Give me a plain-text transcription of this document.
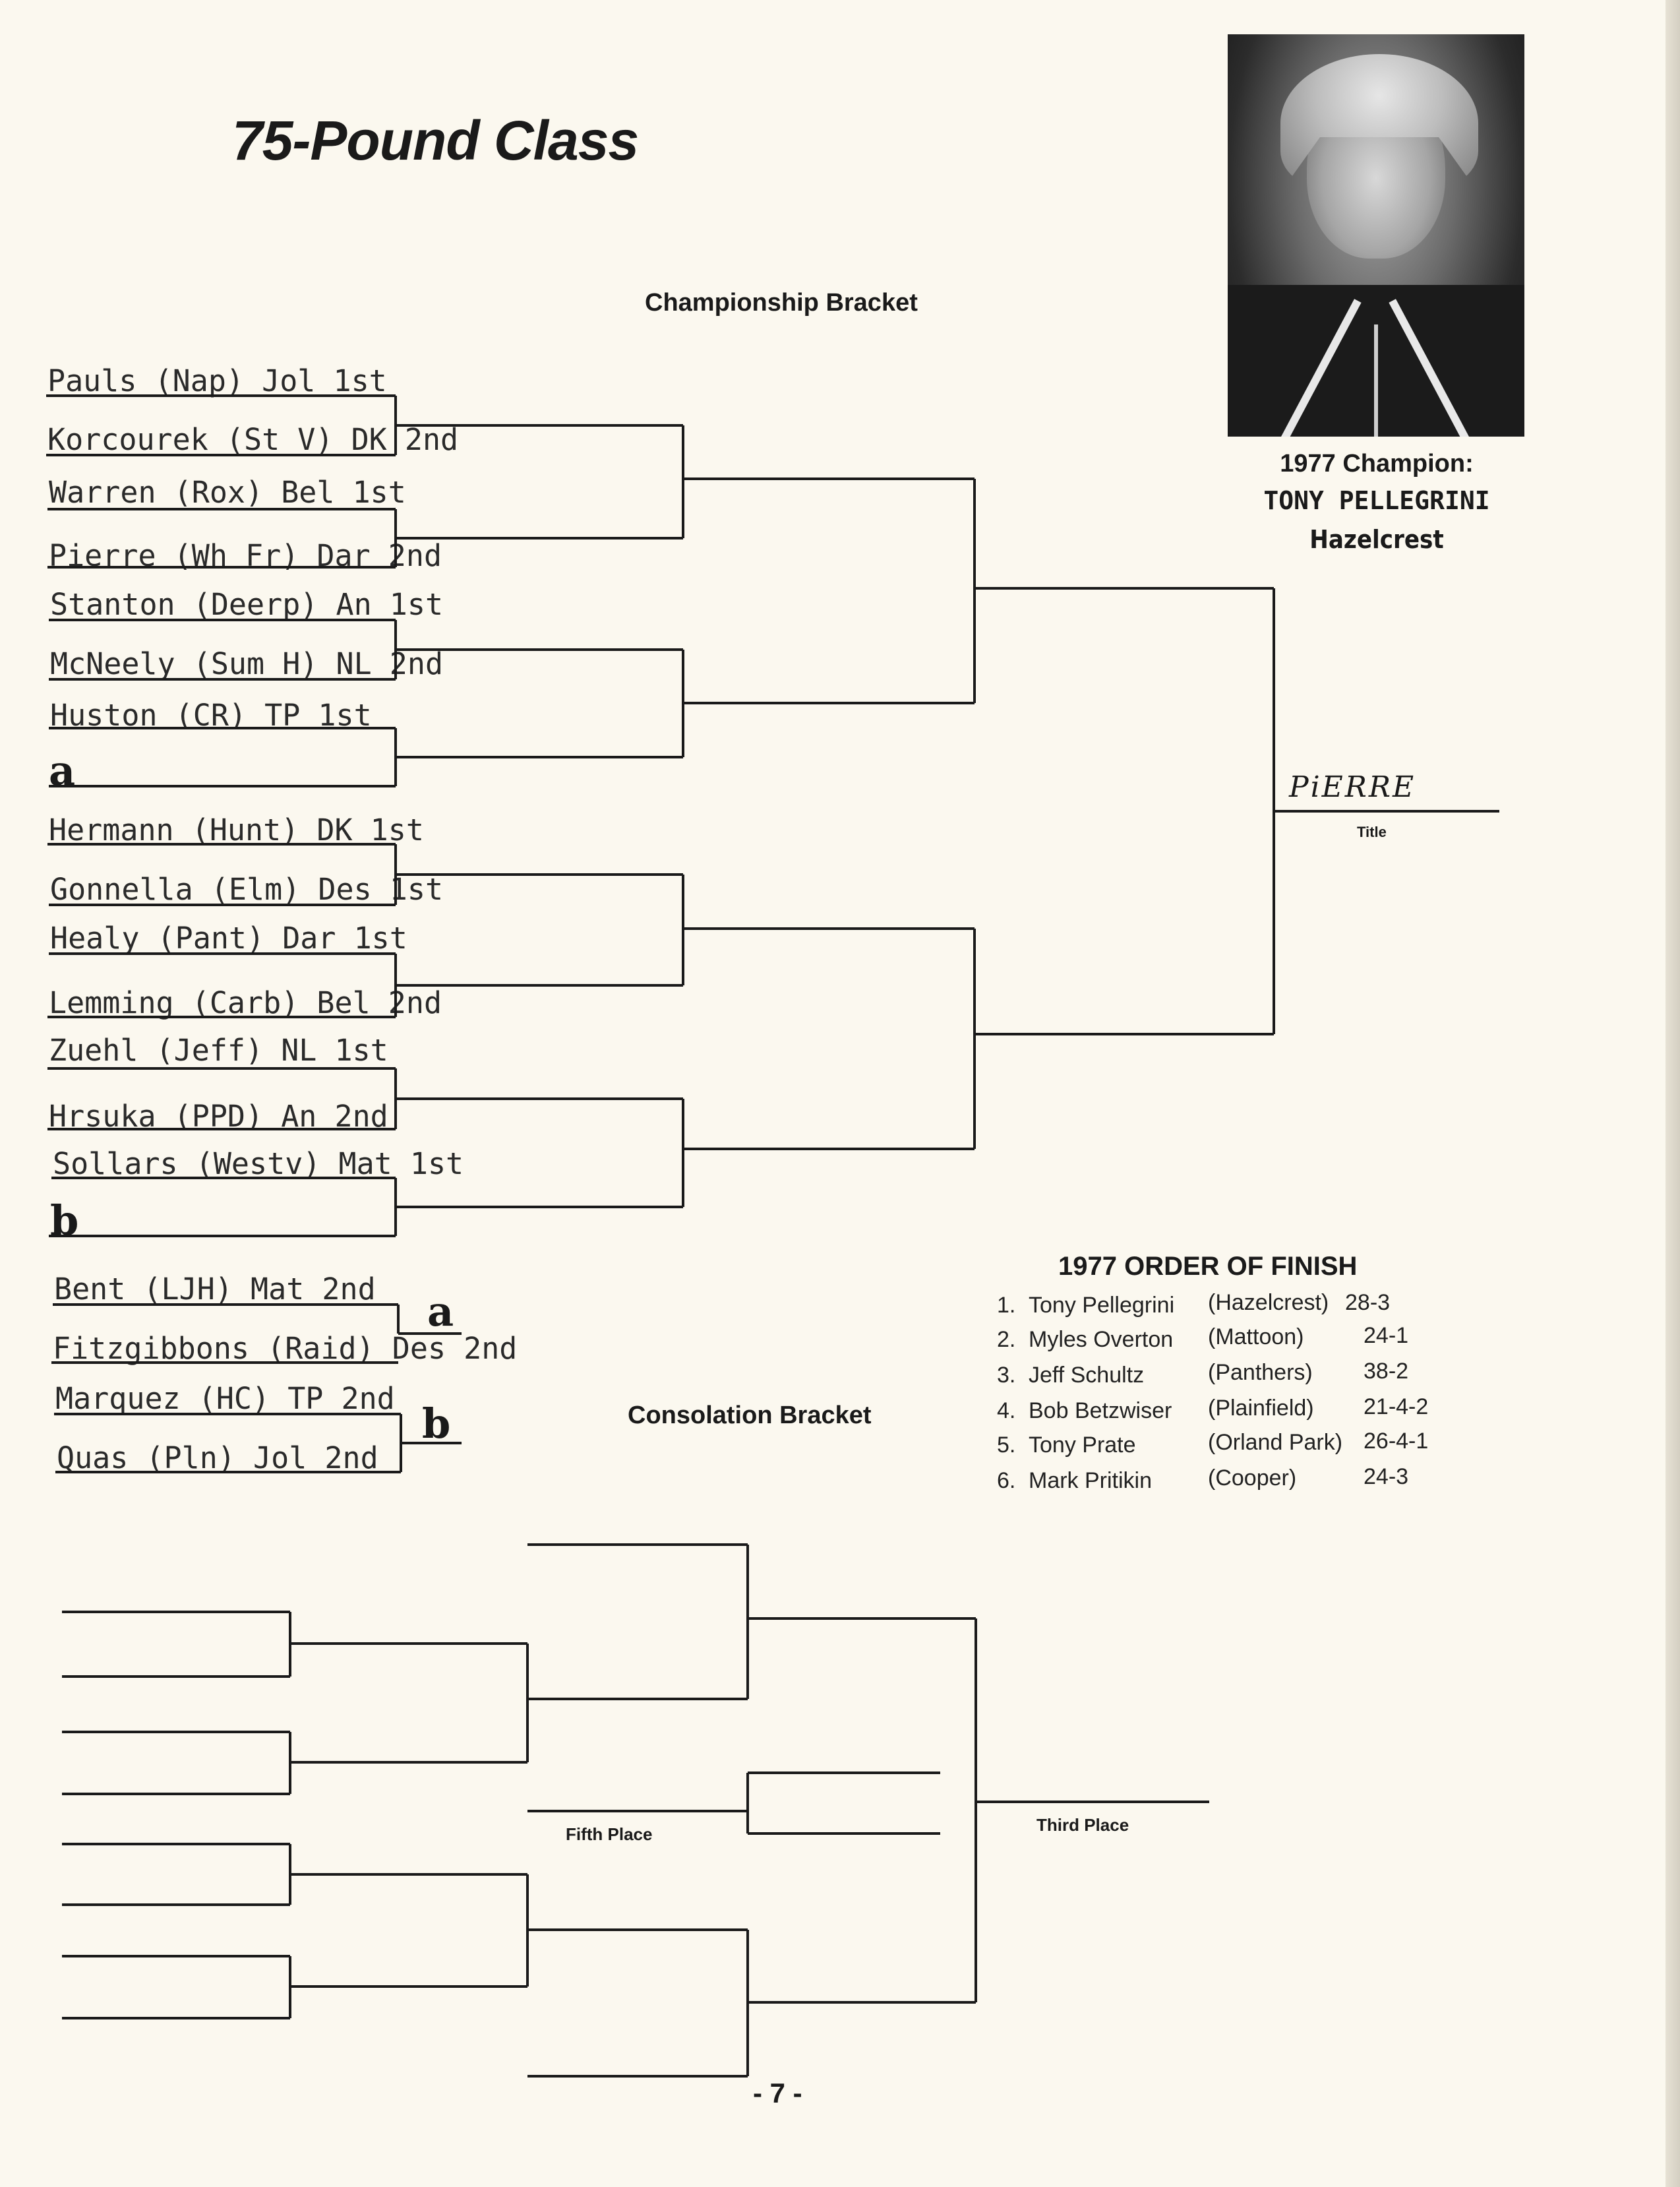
75-Pound Class
1977 Champion:
TONY PELLEGRINI
Hazelcrest
Championship Bracket
Consolation Bracket
Pauls (Nap) Jol 1st
Korcourek (St V) DK 2nd
Warren (Rox) Bel 1st
Pierre (Wh Fr) Dar 2nd
Stanton (Deerp) An 1st
McNeely (Sum H) NL 2nd
Huston (CR) TP 1st
a
Hermann (Hunt) DK 1st
Gonnella (Elm) Des 1st
Healy (Pant) Dar 1st
Lemming (Carb) Bel 2nd
Zuehl (Jeff) NL 1st
Hrsuka (PPD) An 2nd
Sollars (Westv) Mat 1st
b
PiERRE
Title
Bent (LJH) Mat 2nd
Fitzgibbons (Raid) Des 2nd
Marquez (HC) TP 2nd
Quas (Pln) Jol 2nd
a
b
Fifth Place	Third Place
1977 ORDER OF FINISH
1. Tony Pellegrini (Hazelcrest) 28-3
2. Myles Overton (Mattoon)	24-1
3. Jeff Schultz	(Panthers) 38-2
4. Bob Betzwiser (Plainfield) 21-4-2
5. Tony Prate	(Orland Park) 26-4-1
6. Mark Pritikin (Cooper)	24-3
- 7 -
